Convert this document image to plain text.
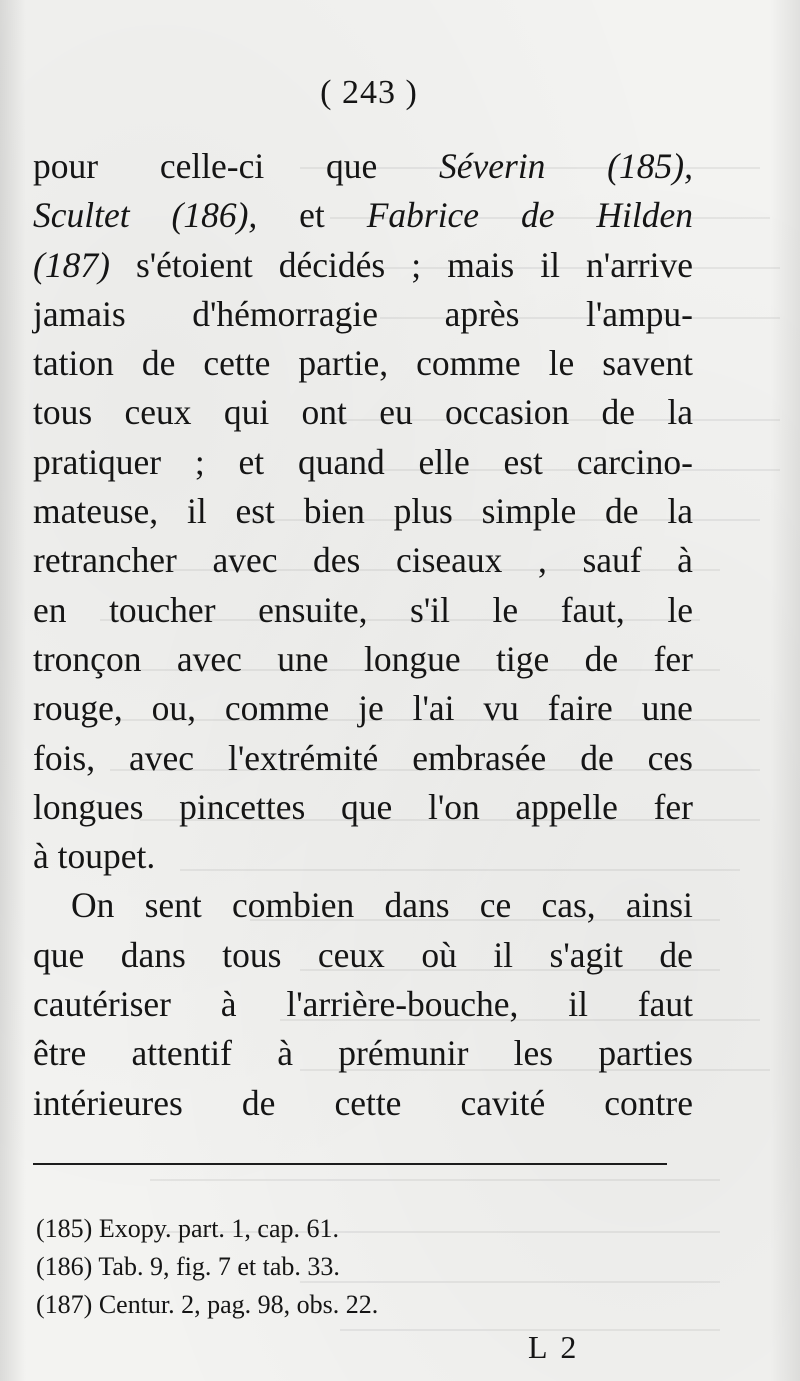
( 243 )
pour celle-ci que Séverin (185),
Scultet (186), et Fabrice de Hilden
(187) s'étoient décidés ; mais il n'arrive
jamais d'hémorragie après l'ampu-
tation de cette partie, comme le savent
tous ceux qui ont eu occasion de la
pratiquer ; et quand elle est carcino-
mateuse, il est bien plus simple de la
retrancher avec des ciseaux , sauf à
en toucher ensuite, s'il le faut, le
tronçon avec une longue tige de fer
rouge, ou, comme je l'ai vu faire une
fois, avec l'extrémité embrasée de ces
longues pincettes que l'on appelle fer
à
toupet.
On sent combien dans ce cas, ainsi
que dans tous ceux où il s'agit de
cautériser à l'arrière-bouche, il faut
être attentif à prémunir les parties
intérieures de cette cavité contre
(185) Exopy. part. 1, cap. 61.
(186) Tab. 9, fig. 7 et tab. 33.
(187) Centur. 2, pag. 98, obs. 22.
L 2
